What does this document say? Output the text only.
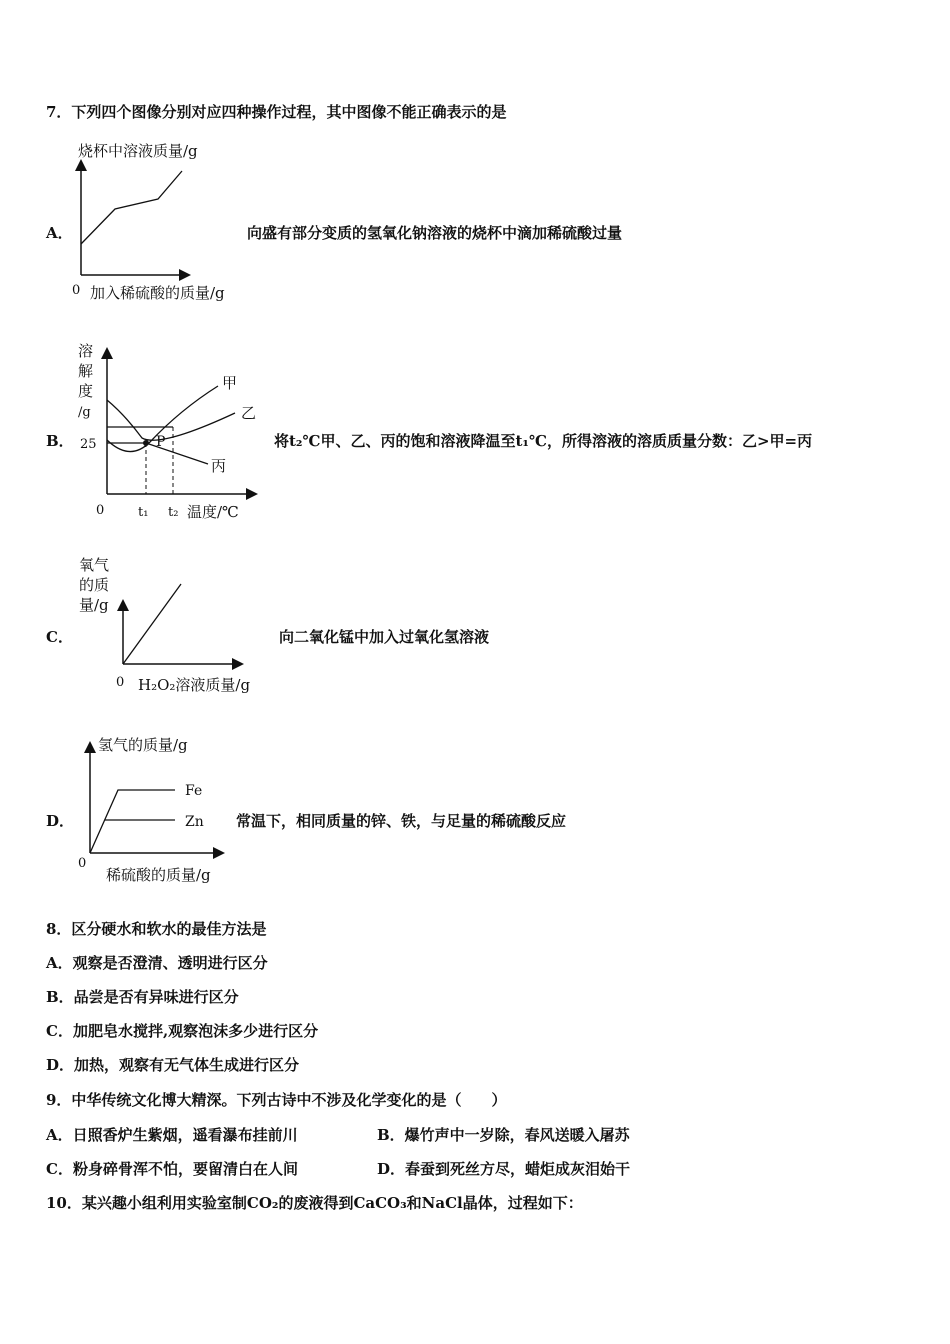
7．下列四个图像分别对应四种操作过程，其中图像不能正确表示的是
A．
烧杯中溶液质量/g
0 加入稀硫酸的质量/g
向盛有部分变质的氢氧化钠溶液的烧杯中滴加稀硫酸过量
B．
溶
解
度
/g
25	P
甲
乙
丙
0	t₁ t₂ 温度/℃
将t₂℃甲、乙、丙的饱和溶液降温至t₁℃，所得溶液的溶质质量分数：乙>甲=丙
C．
氧气
的质
量/g
0 H₂O₂溶液质量/g
向二氧化锰中加入过氧化氢溶液
D．
氢气的质量/g
Fe
Zn
0
稀硫酸的质量/g
常温下，相同质量的锌、铁，与足量的稀硫酸反应
8．区分硬水和软水的最佳方法是
A．观察是否澄清、透明进行区分
B．品尝是否有异味进行区分
C．加肥皂水搅拌,观察泡沫多少进行区分
D．加热，观察有无气体生成进行区分
9．中华传统文化博大精深。下列古诗中不涉及化学变化的是（　　）
A．日照香炉生紫烟，遥看瀑布挂前川	B．爆竹声中一岁除，春风送暖入屠苏
C．粉身碎骨浑不怕，要留清白在人间	D．春蚕到死丝方尽，蜡炬成灰泪始干
10．某兴趣小组利用实验室制CO₂的废液得到CaCO₃和NaCl晶体，过程如下：
